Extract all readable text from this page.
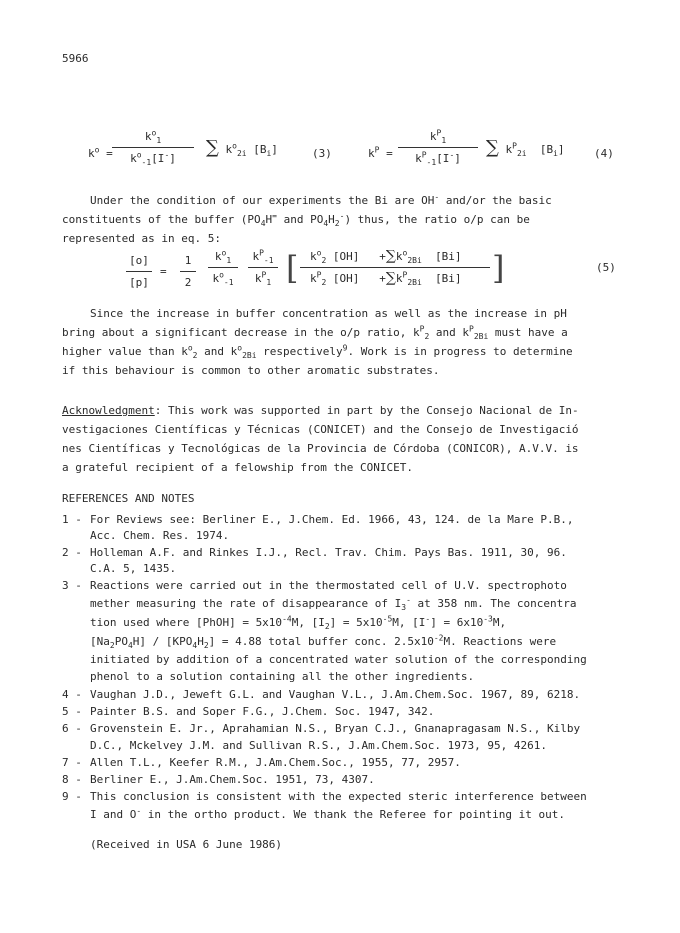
5966
$k^o$ =
$k^o_1$
$k^o_{-1}[I^-]$
∑ $k^o_{2i}$ $[B_i]$	(3)	$k^P$ =
$k^P_1$
$k^P_{-1}[I^-]$
∑ $k^P_{2i}$ $[B_i]$	(4)
Under the condition of our experiments the Bi are OH- and/or the basic
constituents of the buffer ($PO_4H^=$ and $PO_4H_2^-$) thus, the ratio o/p can be
represented as in eq. 5:
[o]
[p]
=
1
2
$k^o_1$
$k^o_{-1}$
$k^P_{-1}$
$k^P_1$ [	$k^o_2$ $[OH] +\sum k^o_{2Bi}$ [Bi]
$k^P_2$ $[OH] +\sum k^P_{2Bi}$ [Bi] ]	(5)
Since the increase in buffer concentration as well as the increase in pH
bring about a significant decrease in the o/p ratio, $k^P_2$ and $k^P_{2Bi}$ must have a
higher value than $k^o_2$ and $k^o_{2Bi}$ respectively$^9$. Work is in progress to determine
if this behaviour is common to other aromatic substrates.
Acknowledgment: This work was supported in part by the Consejo Nacional de In-
vestigaciones Científicas y Técnicas (CONICET) and the Consejo de Investigació
nes Científicas y Tecnológicas de la Provincia de Córdoba (CONICOR), A.V.V. is
a grateful recipient of a felowship from the CONICET.
REFERENCES AND NOTES
1 - For Reviews see: Berliner E., J.Chem. Ed. 1966, 43, 124. de la Mare P.B.,
Acc. Chem. Res. 1974.
2 - Holleman A.F. and Rinkes I.J., Recl. Trav. Chim. Pays Bas. 1911, 30, 96.
C.A. 5, 1435.
3 - Reactions were carried out in the thermostated cell of U.V. spectrophoto
mether measuring the rate of disappearance of $I_3^-$ at 358 nm. The concentra
tion used where [PhOH] = $5x10^{-4}M$, $[I_2] = 5x10^{-5}M$, $[I^-] = 6x10^{-3}M$,
$[Na_2PO_4H] / [KPO_4H_2] = 4.88$ total buffer conc. $2.5x10^{-2}M$. Reactions were
initiated by addition of a concentrated water solution of the corresponding
phenol to a solution containing all the other ingredients.
4 - Vaughan J.D., Jeweft G.L. and Vaughan V.L., J.Am.Chem.Soc. 1967, 89, 6218.
5 - Painter B.S. and Soper F.G., J.Chem. Soc. 1947, 342.
6 - Grovenstein E. Jr., Aprahamian N.S., Bryan C.J., Gnanapragasam N.S., Kilby
D.C., Mckelvey J.M. and Sullivan R.S., J.Am.Chem.Soc. 1973, 95, 4261.
7 - Allen T.L., Keefer R.M., J.Am.Chem.Soc., 1955, 77, 2957.
8 - Berliner E., J.Am.Chem.Soc. 1951, 73, 4307.
9 - This conclusion is consistent with the expected steric interference between
I and O- in the ortho product. We thank the Referee for pointing it out.
(Received in USA 6 June 1986)
